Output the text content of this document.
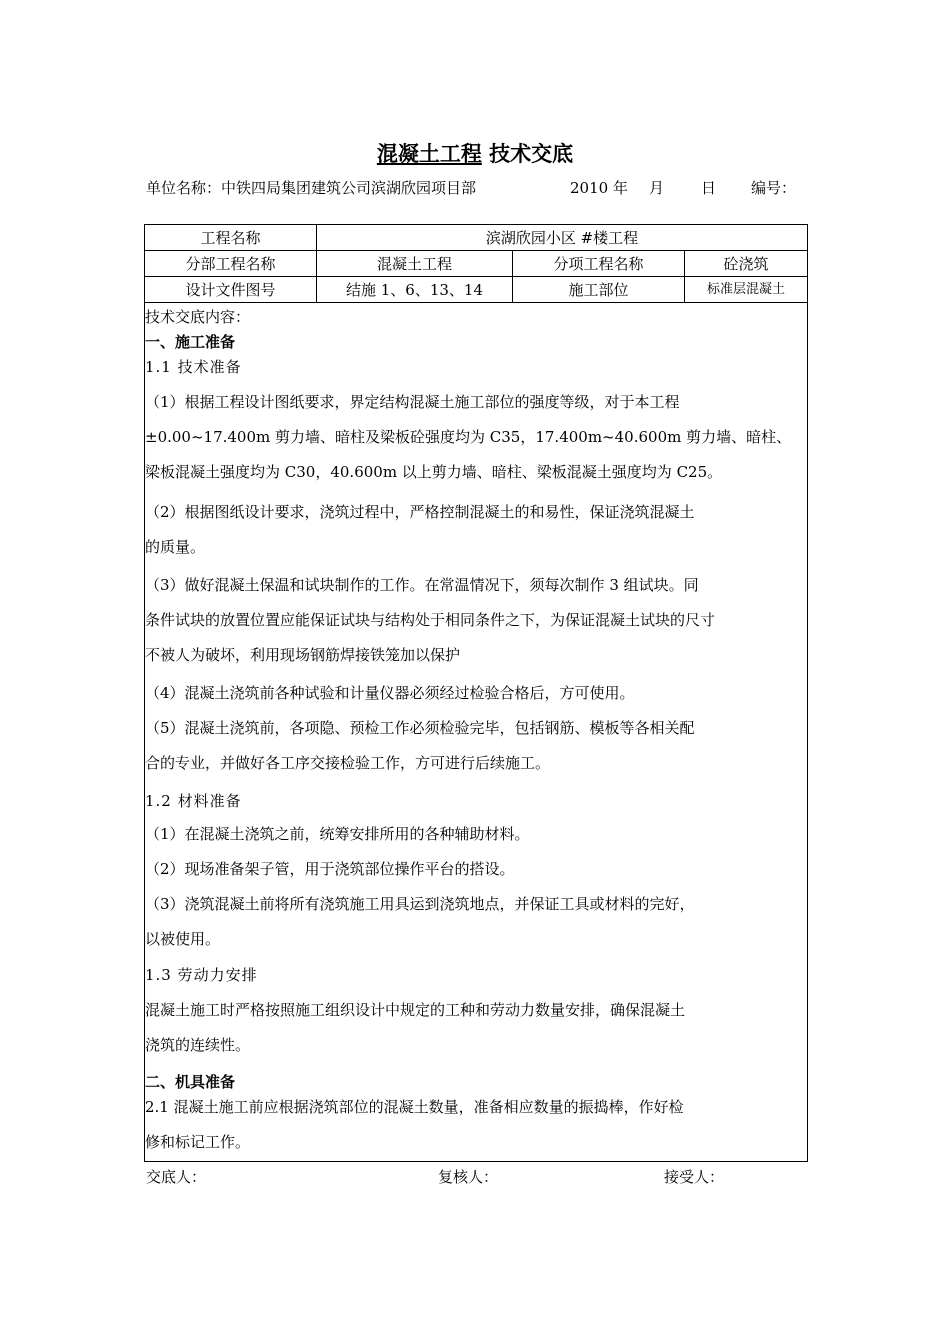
混凝土工程 技术交底
单位名称：中铁四局集团建筑公司滨湖欣园项目部	2010 年 月 日 编号：
工程名称	滨湖欣园小区 #楼工程
分部工程名称	混凝土工程	分项工程名称	砼浇筑
设计文件图号	结施 1、6、13、14	施工部位	标准层混凝土
技术交底内容：
一、施工准备
1.1 技术准备
（1）根据工程设计图纸要求，界定结构混凝土施工部位的强度等级，对于本工程
±0.00~17.400m 剪力墙、暗柱及梁板砼强度均为 C35，17.400m~40.600m 剪力墙、暗柱、
梁板混凝土强度均为 C30，40.600m 以上剪力墙、暗柱、梁板混凝土强度均为 C25。
（2）根据图纸设计要求，浇筑过程中，严格控制混凝土的和易性，保证浇筑混凝土
的质量。
（3）做好混凝土保温和试块制作的工作。在常温情况下，须每次制作 3 组试块。同
条件试块的放置位置应能保证试块与结构处于相同条件之下，为保证混凝土试块的尺寸
不被人为破坏，利用现场钢筋焊接铁笼加以保护
（4）混凝土浇筑前各种试验和计量仪器必须经过检验合格后，方可使用。
（5）混凝土浇筑前，各项隐、预检工作必须检验完毕，包括钢筋、模板等各相关配
合的专业，并做好各工序交接检验工作，方可进行后续施工。
1.2 材料准备
（1）在混凝土浇筑之前，统筹安排所用的各种辅助材料。
（2）现场准备架子管，用于浇筑部位操作平台的搭设。
（3）浇筑混凝土前将所有浇筑施工用具运到浇筑地点，并保证工具或材料的完好，
以被使用。
1.3 劳动力安排
混凝土施工时严格按照施工组织设计中规定的工种和劳动力数量安排，确保混凝土
浇筑的连续性。
二、机具准备
2.1 混凝土施工前应根据浇筑部位的混凝土数量，准备相应数量的振捣棒，作好检
修和标记工作。
交底人：	复核人：	接受人：
